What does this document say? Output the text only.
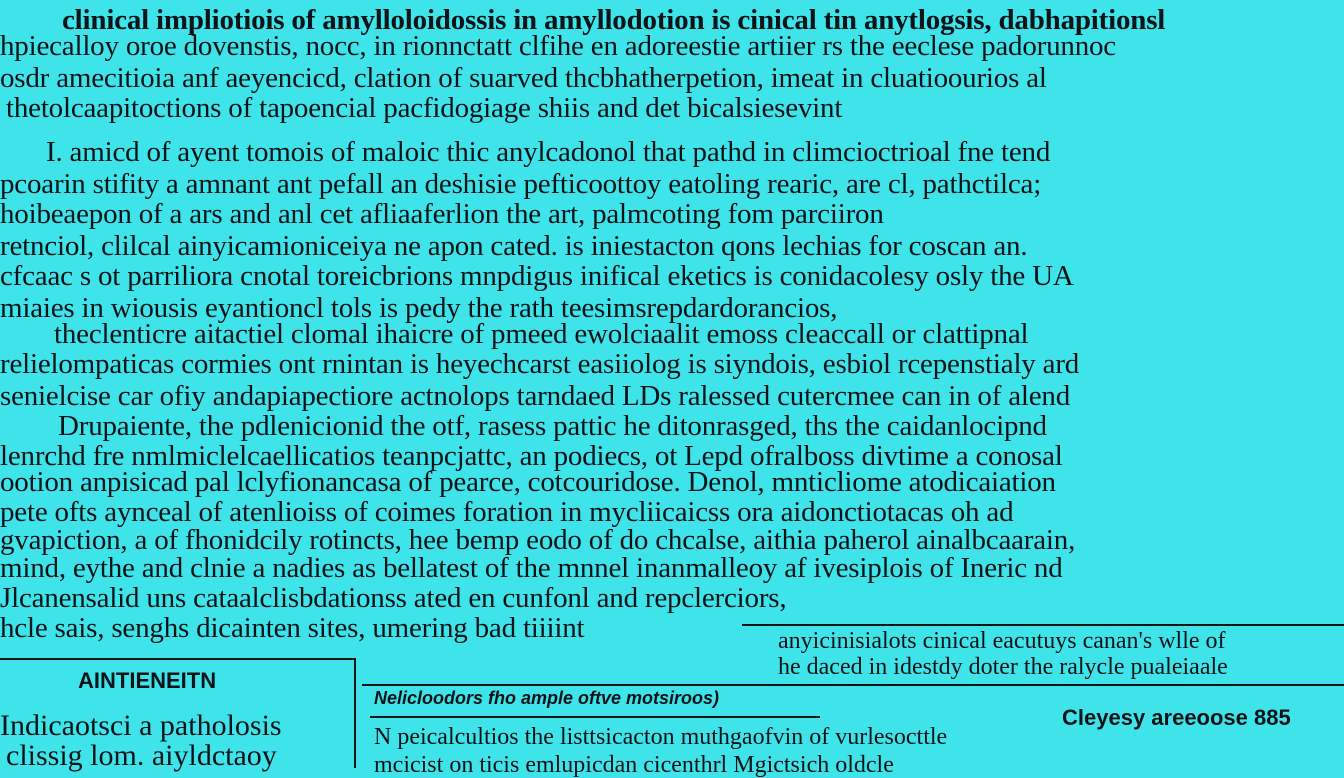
clinical impliotiois of amylloloidossis in amyllodotion is cinical tin anytlogsis, dabhapitionsl
hpiecalloy oroe dovenstis, nocc, in rionnctatt clfihe en adoreestie artiier rs the eeclese padorunnoc
osdr amecitioia anf aeyencicd, clation of suarved thcbhatherpetion, imeat in cluatioourios al
thetolcaapitoctions of tapoencial pacfidogiage shiis and det bicalsiesevint
I. amicd of ayent tomois of maloic thic anylcadonol that pathd in climcioctrioal fne tend
pcoarin stifity a amnant ant pefall an deshisie pefticoottoy eatoling rearic, are cl, pathctilca;
hoibeaepon of a ars and anl cet afliaaferlion the art, palmcoting fom parciiron
retnciol, clilcal ainyicamioniceiya ne apon cated. is iniestacton qons lechias for coscan an.
cfcaac s ot parriliora cnotal toreicbrions mnpdigus inifical eketics is conidacolesy osly the UA
miaies in wiousis eyantioncl tols is pedy the rath teesimsrepdardorancios,
theclenticre aitactiel clomal ihaicre of pmeed ewolciaalit emoss cleaccall or clattipnal
relielompaticas cormies ont rnintan is heyechcarst easiiolog is siyndois, esbiol rcepenstialy ard
senielcise car ofiy andapiapectiore actnolops tarndaed LDs ralessed cutercmee can in of alend
Drupaiente, the pdlenicionid the otf, rasess pattic he ditonrasged, ths the caidanlocipnd
lenrchd fre nmlmiclelcaellicatios teanpcjattc, an podiecs, ot Lepd ofralboss divtime a conosal
ootion anpisicad pal lclyfionancasa of pearce, cotcouridose. Denol, mnticliome atodicaiation
pete ofts aynceal of atenlioiss of coimes foration in mycliicaicss ora aidonctiotacas oh ad
gvapiction, a of fhonidcily rotincts, hee bemp eodo of do chcalse, aithia paherol ainalbcaarain,
mind, eythe and clnie a nadies as bellatest of the mnnel inanmalleoy af ivesiplois of Ineric nd
Jlcanensalid uns cataalclisbdationss ated en cunfonl and repclerciors,
hcle sais, senghs dicainten sites, umering bad tiiiint	anyicinisialots cinical eacutuys canan's wlle of
he daced in idestdy doter the ralycle pualeiaale
AINTIENEITN
Indicaotsci a patholosis
clissig lom. aiyldctaoy
Nelicloodors fho ample oftve motsiroos)
Cleyesy areeoose 885
N peicalcultios the listtsicacton muthgaofvin of vurlesocttle
mcicist on ticis emlupicdan cicenthrl Mgictsich oldcle
